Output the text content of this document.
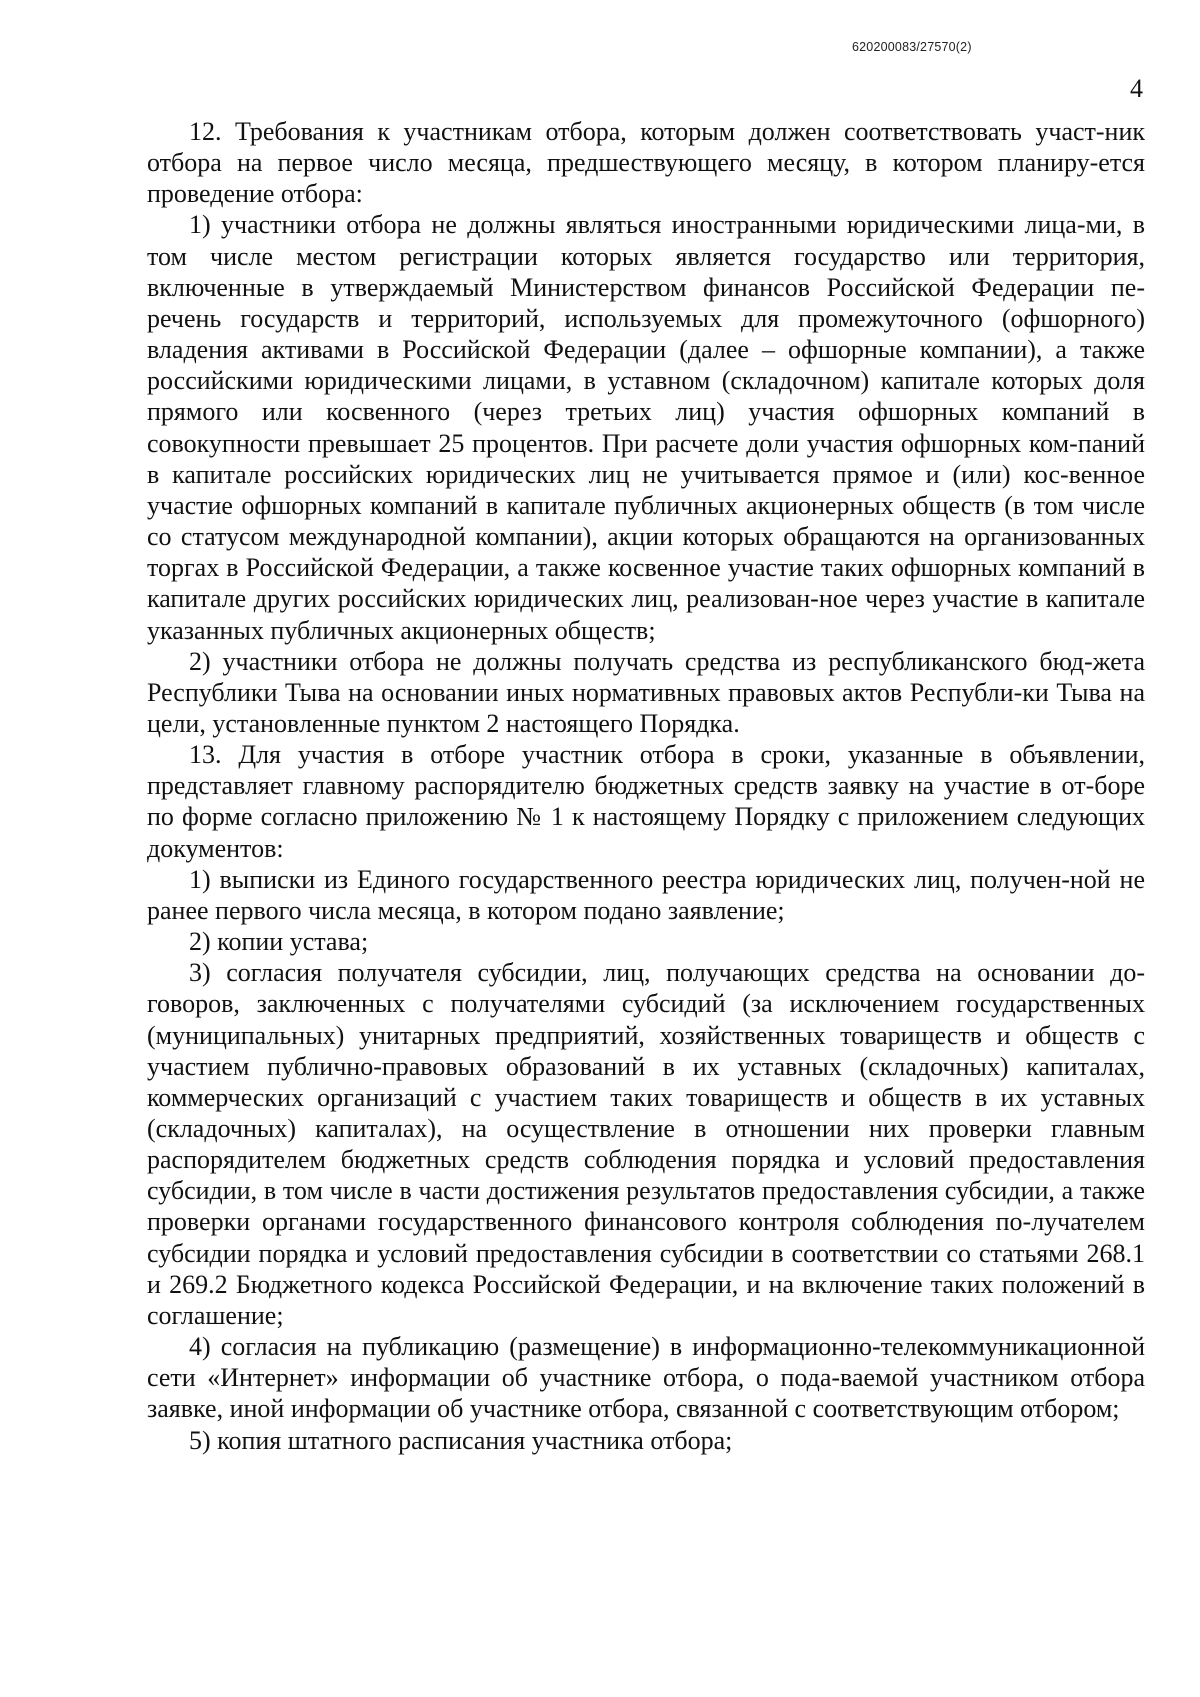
620200083/27570(2)
4

12. Требования к участникам отбора, которым должен соответствовать участ-ник отбора на первое число месяца, предшествующего месяцу, в котором планиру-ется проведение отбора:

1) участники отбора не должны являться иностранными юридическими лица-ми, в том числе местом регистрации которых является государство или территория, включенные в утверждаемый Министерством финансов Российской Федерации пе-речень государств и территорий, используемых для промежуточного (офшорного) владения активами в Российской Федерации (далее – офшорные компании), а также российскими юридическими лицами, в уставном (складочном) капитале которых доля прямого или косвенного (через третьих лиц) участия офшорных компаний в совокупности превышает 25 процентов. При расчете доли участия офшорных ком-паний в капитале российских юридических лиц не учитывается прямое и (или) кос-венное участие офшорных компаний в капитале публичных акционерных обществ (в том числе со статусом международной компании), акции которых обращаются на организованных торгах в Российской Федерации, а также косвенное участие таких офшорных компаний в капитале других российских юридических лиц, реализован-ное через участие в капитале указанных публичных акционерных обществ;

2) участники отбора не должны получать средства из республиканского бюд-жета Республики Тыва на основании иных нормативных правовых актов Республи-ки Тыва на цели, установленные пунктом 2 настоящего Порядка.

13. Для участия в отборе участник отбора в сроки, указанные в объявлении, представляет главному распорядителю бюджетных средств заявку на участие в от-боре по форме согласно приложению № 1 к настоящему Порядку с приложением следующих документов:

1) выписки из Единого государственного реестра юридических лиц, получен-ной не ранее первого числа месяца, в котором подано заявление;

2) копии устава;

3) согласия получателя субсидии, лиц, получающих средства на основании до-говоров, заключенных с получателями субсидий (за исключением государственных (муниципальных) унитарных предприятий, хозяйственных товариществ и обществ с участием публично-правовых образований в их уставных (складочных) капиталах, коммерческих организаций с участием таких товариществ и обществ в их уставных (складочных) капиталах), на осуществление в отношении них проверки главным распорядителем бюджетных средств соблюдения порядка и условий предоставления субсидии, в том числе в части достижения результатов предоставления субсидии, а также проверки органами государственного финансового контроля соблюдения по-лучателем субсидии порядка и условий предоставления субсидии в соответствии со статьями 268.1 и 269.2 Бюджетного кодекса Российской Федерации, и на включение таких положений в соглашение;

4) согласия на публикацию (размещение) в информационно-телекоммуникационной сети «Интернет» информации об участнике отбора, о пода-ваемой участником отбора заявке, иной информации об участнике отбора, связанной с соответствующим отбором;

5) копия штатного расписания участника отбора;
